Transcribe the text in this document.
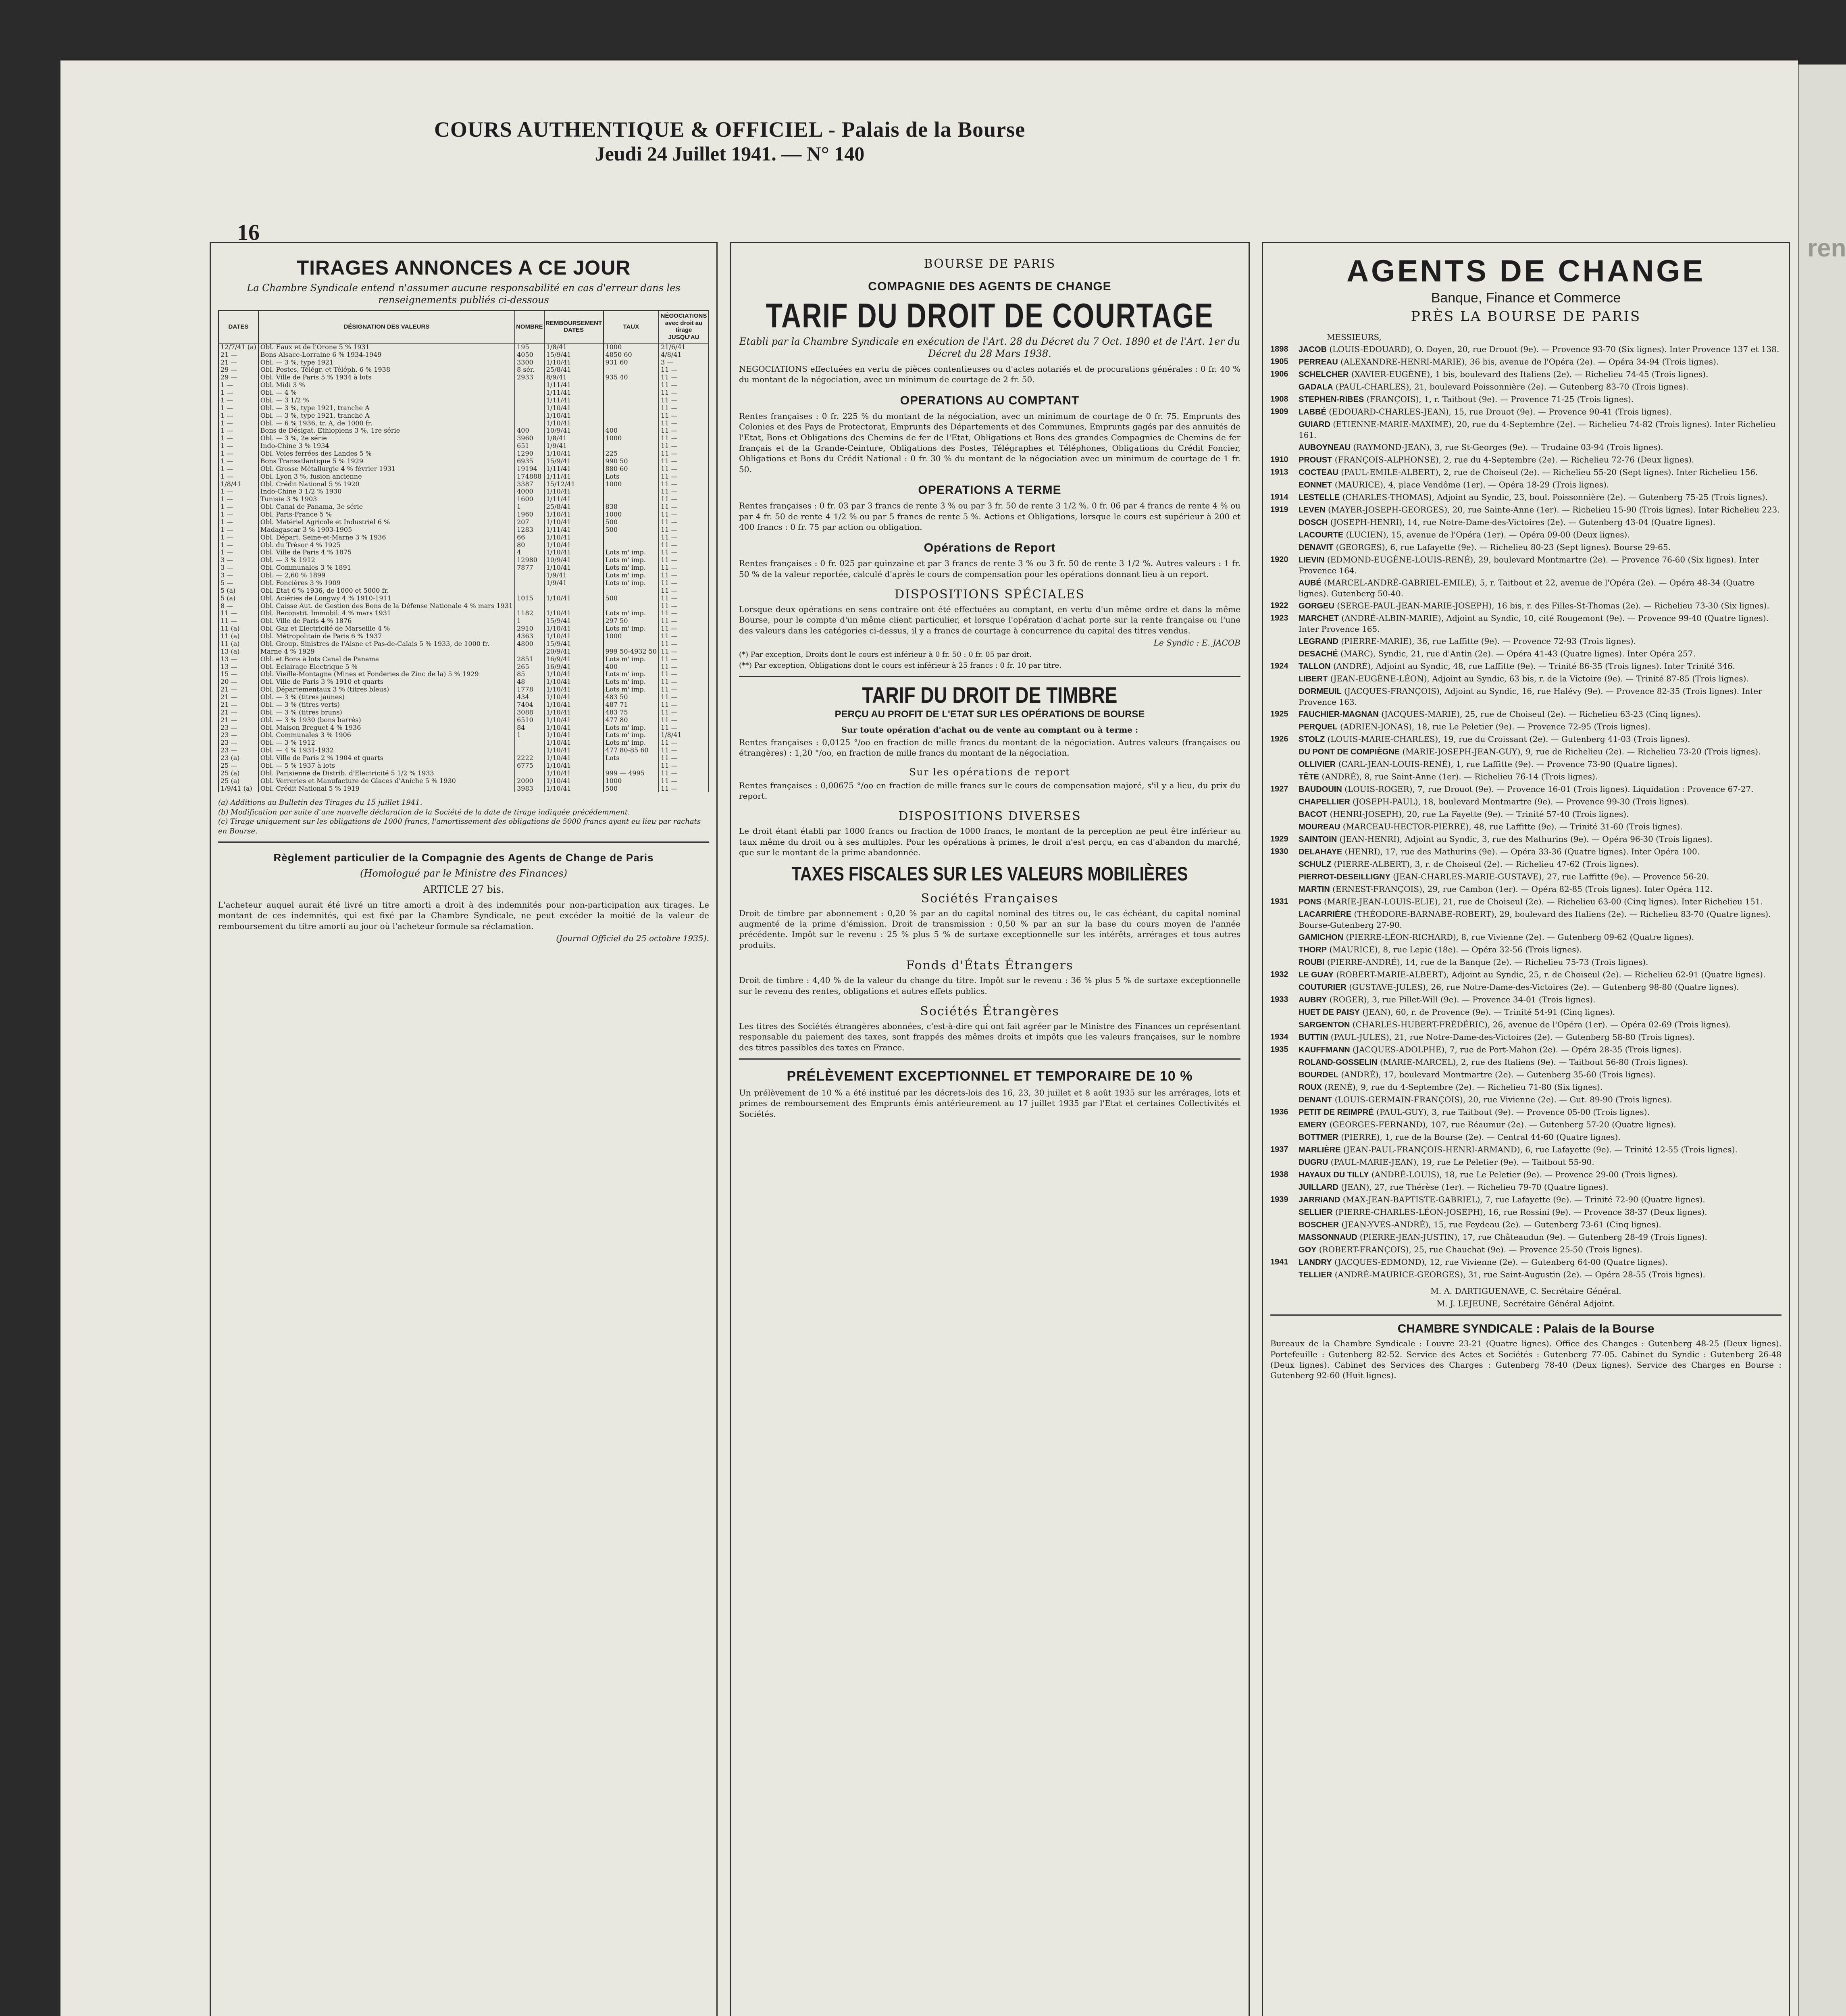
ren
COURS AUTHENTIQUE & OFFICIEL - Palais de la Bourse
Jeudi 24 Juillet 1941. — N° 140
16
TIRAGES ANNONCES A CE JOUR
La Chambre Syndicale entend n'assumer aucune responsabilité en cas d'erreur dans les renseignements publiés ci-dessous
DATES	DÉSIGNATION DES VALEURS	NOMBRE	REMBOURSEMENT DATES	TAUX	NÉGOCIATIONS avec droit au tirage JUSQU'AU
12/7/41 (a)	Obl. Eaux et de l'Orone 5 % 1931	195	1/8/41	1000	21/6/41
21 —	Bons Alsace-Lorraine 6 % 1934-1949	4050	15/9/41	4850 60	4/8/41
21 —	Obl. — 3 %, type 1921	3300	1/10/41	931 60	3 —
29 —	Obl. Postes, Télégr. et Téléph. 6 % 1938	8 sér.	25/8/41		11 —
29 —	Obl. Ville de Paris 5 % 1934 à lots	2933	8/9/41	935 40	11 —
1 —	Obl. Midi 3 %		1/11/41		11 —
1 —	Obl. — 4 %		1/11/41		11 —
1 —	Obl. — 3 1/2 %		1/11/41		11 —
1 —	Obl. — 3 %, type 1921, tranche A		1/10/41		11 —
1 —	Obl. — 3 %, type 1921, tranche A		1/10/41		11 —
1 —	Obl. — 6 % 1936, tr. A, de 1000 fr.		1/10/41		11 —
1 —	Bons de Désigat. Ethiopiens 3 %, 1re série	400	10/9/41	400	11 —
1 —	Obl. — 3 %, 2e série	3960	1/8/41	1000	11 —
1 —	Indo-Chine 3 % 1934	651	1/9/41		11 —
1 —	Obl. Voies ferrées des Landes 5 %	1290	1/10/41	225	11 —
1 —	Bons Transatlantique 5 % 1929	6935	15/9/41	990 50	11 —
1 —	Obl. Grosse Métallurgie 4 % février 1931	19194	1/11/41	880 60	11 —
1 —	Obl. Lyon 3 %, fusion ancienne	174888	1/11/41	Lots	11 —
1/8/41	Obl. Crédit National 5 % 1920	3387	15/12/41	1000	11 —
1 —	Indo-Chine 3 1/2 % 1930	4000	1/10/41		11 —
1 —	Tunisie 3 % 1903	1600	1/11/41		11 —
1 —	Obl. Canal de Panama, 3e série	1	25/8/41	838	11 —
1 —	Obl. Paris-France 5 %	1960	1/10/41	1000	11 —
1 —	Obl. Matériel Agricole et Industriel 6 %	207	1/10/41	500	11 —
1 —	Madagascar 3 % 1903-1905	1283	1/11/41	500	11 —
1 —	Obl. Départ. Seine-et-Marne 3 % 1936	66	1/10/41		11 —
1 —	Obl. du Trésor 4 % 1925	80	1/10/41		11 —
1 —	Obl. Ville de Paris 4 % 1875	4	1/10/41	Lots m' imp.	11 —
3 —	Obl. — 3 % 1912	12980	10/9/41	Lots m' imp.	11 —
3 —	Obl. Communales 3 % 1891	7877	1/10/41	Lots m' imp.	11 —
3 —	Obl. — 2,60 % 1899		1/9/41	Lots m' imp.	11 —
5 —	Obl. Foncières 3 % 1909		1/9/41	Lots m' imp.	11 —
5 (a)	Obl. Etat 6 % 1936, de 1000 et 5000 fr.				11 —
5 (a)	Obl. Aciéries de Longwy 4 % 1910-1911	1015	1/10/41	500	11 —
8 —	Obl. Caisse Aut. de Gestion des Bons de la Défense Nationale 4 % mars 1931				11 —
11 —	Obl. Reconstit. Immobil. 4 % mars 1931	1182	1/10/41	Lots m' imp.	11 —
11 —	Obl. Ville de Paris 4 % 1876	1	15/9/41	297 50	11 —
11 (a)	Obl. Gaz et Electricité de Marseille 4 %	2910	1/10/41	Lots m' imp.	11 —
11 (a)	Obl. Métropolitain de Paris 6 % 1937	4363	1/10/41	1000	11 —
11 (a)	Obl. Group. Sinistres de l'Aisne et Pas-de-Calais 5 % 1933, de 1000 fr.	4800	15/9/41		11 —
13 (a)	Marne 4 % 1929		20/9/41	999 50-4932 50	11 —
13 —	Obl. et Bons à lots Canal de Panama	2851	16/9/41	Lots m' imp.	11 —
13 —	Obl. Eclairage Electrique 5 %	265	16/9/41	400	11 —
15 —	Obl. Vieille-Montagne (Mines et Fonderies de Zinc de la) 5 % 1929	85	1/10/41	Lots m' imp.	11 —
20 —	Obl. Ville de Paris 3 % 1910 et quarts	48	1/10/41	Lots m' imp.	11 —
21 —	Obl. Départementaux 3 % (titres bleus)	1778	1/10/41	Lots m' imp.	11 —
21 —	Obl. — 3 % (titres jaunes)	434	1/10/41	483 50	11 —
21 —	Obl. — 3 % (titres verts)	7404	1/10/41	487 71	11 —
21 —	Obl. — 3 % (titres bruns)	3088	1/10/41	483 75	11 —
21 —	Obl. — 3 % 1930 (bons barrés)	6510	1/10/41	477 80	11 —
23 —	Obl. Maison Breguet 4 % 1936	84	1/10/41	Lots m' imp.	11 —
23 —	Obl. Communales 3 % 1906	1	1/10/41	Lots m' imp.	1/8/41
23 —	Obl. — 3 % 1912		1/10/41	Lots m' imp.	11 —
23 —	Obl. — 4 % 1931-1932		1/10/41	477 80-85 60	11 —
23 (a)	Obl. Ville de Paris 2 % 1904 et quarts	2222	1/10/41	Lots	11 —
25 —	Obl. — 5 % 1937 à lots	6775	1/10/41		11 —
25 (a)	Obl. Parisienne de Distrib. d'Electricité 5 1/2 % 1933		1/10/41	999 — 4995	11 —
25 (a)	Obl. Verreries et Manufacture de Glaces d'Aniche 5 % 1930	2000	1/10/41	1000	11 —
1/9/41 (a)	Obl. Crédit National 5 % 1919	3983	1/10/41	500	11 —
(a) Additions au Bulletin des Tirages du 15 juillet 1941.
(b) Modification par suite d'une nouvelle déclaration de la Société de la date de tirage indiquée précédemment.
(c) Tirage uniquement sur les obligations de 1000 francs, l'amortissement des obligations de 5000 francs ayant eu lieu par rachats en Bourse.
Règlement particulier de la Compagnie des Agents de Change de Paris
(Homologué par le Ministre des Finances)
ARTICLE 27 bis.
L'acheteur auquel aurait été livré un titre amorti a droit à des indemnités pour non-participation aux tirages. Le montant de ces indemnités, qui est fixé par la Chambre Syndicale, ne peut excéder la moitié de la valeur de remboursement du titre amorti au jour où l'acheteur formule sa réclamation.
(Journal Officiel du 25 octobre 1935).
BOURSE DE PARIS
COMPAGNIE DES AGENTS DE CHANGE
TARIF DU DROIT DE COURTAGE
Etabli par la Chambre Syndicale en exécution de l'Art. 28 du Décret du 7 Oct. 1890 et de l'Art. 1er du Décret du 28 Mars 1938.
NEGOCIATIONS effectuées en vertu de pièces contentieuses ou d'actes notariés et de procurations générales : 0 fr. 40 % du montant de la négociation, avec un minimum de courtage de 2 fr. 50.
OPERATIONS AU COMPTANT
Rentes françaises : 0 fr. 225 % du montant de la négociation, avec un minimum de courtage de 0 fr. 75. Emprunts des Colonies et des Pays de Protectorat, Emprunts des Départements et des Communes, Emprunts gagés par des annuités de l'Etat, Bons et Obligations des Chemins de fer de l'Etat, Obligations et Bons des grandes Compagnies de Chemins de fer français et de la Grande-Ceinture, Obligations des Postes, Télégraphes et Téléphones, Obligations du Crédit Foncier, Obligations et Bons du Crédit National : 0 fr. 30 % du montant de la négociation avec un minimum de courtage de 1 fr. 50.
OPERATIONS A TERME
Rentes françaises : 0 fr. 03 par 3 francs de rente 3 % ou par 3 fr. 50 de rente 3 1/2 %. 0 fr. 06 par 4 francs de rente 4 % ou par 4 fr. 50 de rente 4 1/2 % ou par 5 francs de rente 5 %. Actions et Obligations, lorsque le cours est supérieur à 200 et 400 francs : 0 fr. 75 par action ou obligation.
Opérations de Report
Rentes françaises : 0 fr. 025 par quinzaine et par 3 francs de rente 3 % ou 3 fr. 50 de rente 3 1/2 %. Autres valeurs : 1 fr. 50 % de la valeur reportée, calculé d'après le cours de compensation pour les opérations donnant lieu à un report.
DISPOSITIONS SPÉCIALES
Lorsque deux opérations en sens contraire ont été effectuées au comptant, en vertu d'un même ordre et dans la même Bourse, pour le compte d'un même client particulier, et lorsque l'opération d'achat porte sur la rente française ou l'une des valeurs dans les catégories ci-dessus, il y a francs de courtage à concurrence du capital des titres vendus.
Le Syndic : E. JACOB
(*) Par exception, Droits dont le cours est inférieur à 0 fr. 50 : 0 fr. 05 par droit.
(**) Par exception, Obligations dont le cours est inférieur à 25 francs : 0 fr. 10 par titre.
TARIF DU DROIT DE TIMBRE
PERÇU AU PROFIT DE L'ETAT SUR LES OPÉRATIONS DE BOURSE
Sur toute opération d'achat ou de vente au comptant ou à terme :
Rentes françaises : 0,0125 °/oo en fraction de mille francs du montant de la négociation. Autres valeurs (françaises ou étrangères) : 1,20 °/oo, en fraction de mille francs du montant de la négociation.
Sur les opérations de report
Rentes françaises : 0,00675 °/oo en fraction de mille francs sur le cours de compensation majoré, s'il y a lieu, du prix du report.
DISPOSITIONS DIVERSES
Le droit étant établi par 1000 francs ou fraction de 1000 francs, le montant de la perception ne peut être inférieur au taux même du droit ou à ses multiples. Pour les opérations à primes, le droit n'est perçu, en cas d'abandon du marché, que sur le montant de la prime abandonnée.
TAXES FISCALES SUR LES VALEURS MOBILIÈRES
Sociétés Françaises
Droit de timbre par abonnement : 0,20 % par an du capital nominal des titres ou, le cas échéant, du capital nominal augmenté de la prime d'émission. Droit de transmission : 0,50 % par an sur la base du cours moyen de l'année précédente. Impôt sur le revenu : 25 % plus 5 % de surtaxe exceptionnelle sur les intérêts, arrérages et tous autres produits.
Fonds d'États Étrangers
Droit de timbre : 4,40 % de la valeur du change du titre. Impôt sur le revenu : 36 % plus 5 % de surtaxe exceptionnelle sur le revenu des rentes, obligations et autres effets publics.
Sociétés Étrangères
Les titres des Sociétés étrangères abonnées, c'est-à-dire qui ont fait agréer par le Ministre des Finances un représentant responsable du paiement des taxes, sont frappés des mêmes droits et impôts que les valeurs françaises, sur le nombre des titres passibles des taxes en France.
PRÉLÈVEMENT EXCEPTIONNEL ET TEMPORAIRE DE 10 %
Un prélèvement de 10 % a été institué par les décrets-lois des 16, 23, 30 juillet et 8 août 1935 sur les arrérages, lots et primes de remboursement des Emprunts émis antérieurement au 17 juillet 1935 par l'Etat et certaines Collectivités et Sociétés.
AGENTS DE CHANGE
Banque, Finance et Commerce
PRÈS LA BOURSE DE PARIS
MESSIEURS,
1898	JACOB (LOUIS-EDOUARD), O. Doyen, 20, rue Drouot (9e). — Provence 93-70 (Six lignes). Inter Provence 137 et 138.
1905	PERREAU (ALEXANDRE-HENRI-MARIE), 36 bis, avenue de l'Opéra (2e). — Opéra 34-94 (Trois lignes).
1906	SCHELCHER (XAVIER-EUGÈNE), 1 bis, boulevard des Italiens (2e). — Richelieu 74-45 (Trois lignes).
GADALA (PAUL-CHARLES), 21, boulevard Poissonnière (2e). — Gutenberg 83-70 (Trois lignes).
1908	STEPHEN-RIBES (FRANÇOIS), 1, r. Taitbout (9e). — Provence 71-25 (Trois lignes).
1909	LABBÉ (EDOUARD-CHARLES-JEAN), 15, rue Drouot (9e). — Provence 90-41 (Trois lignes).
GUIARD (ETIENNE-MARIE-MAXIME), 20, rue du 4-Septembre (2e). — Richelieu 74-82 (Trois lignes). Inter Richelieu 161.
AUBOYNEAU (RAYMOND-JEAN), 3, rue St-Georges (9e). — Trudaine 03-94 (Trois lignes).
1910	PROUST (FRANÇOIS-ALPHONSE), 2, rue du 4-Septembre (2e). — Richelieu 72-76 (Deux lignes).
1913	COCTEAU (PAUL-EMILE-ALBERT), 2, rue de Choiseul (2e). — Richelieu 55-20 (Sept lignes). Inter Richelieu 156.
EONNET (MAURICE), 4, place Vendôme (1er). — Opéra 18-29 (Trois lignes).
1914	LESTELLE (CHARLES-THOMAS), Adjoint au Syndic, 23, boul. Poissonnière (2e). — Gutenberg 75-25 (Trois lignes).
1919	LEVEN (MAYER-JOSEPH-GEORGES), 20, rue Sainte-Anne (1er). — Richelieu 15-90 (Trois lignes). Inter Richelieu 223.
DOSCH (JOSEPH-HENRI), 14, rue Notre-Dame-des-Victoires (2e). — Gutenberg 43-04 (Quatre lignes).
LACOURTE (LUCIEN), 15, avenue de l'Opéra (1er). — Opéra 09-00 (Deux lignes).
DENAVIT (GEORGES), 6, rue Lafayette (9e). — Richelieu 80-23 (Sept lignes). Bourse 29-65.
1920	LIEVIN (EDMOND-EUGÈNE-LOUIS-RENÉ), 29, boulevard Montmartre (2e). — Provence 76-60 (Six lignes). Inter Provence 164.
AUBÉ (MARCEL-ANDRÉ-GABRIEL-EMILE), 5, r. Taitbout et 22, avenue de l'Opéra (2e). — Opéra 48-34 (Quatre lignes). Gutenberg 50-40.
1922	GORGEU (SERGE-PAUL-JEAN-MARIE-JOSEPH), 16 bis, r. des Filles-St-Thomas (2e). — Richelieu 73-30 (Six lignes).
1923	MARCHET (ANDRÉ-ALBIN-MARIE), Adjoint au Syndic, 10, cité Rougemont (9e). — Provence 99-40 (Quatre lignes). Inter Provence 165.
LEGRAND (PIERRE-MARIE), 36, rue Laffitte (9e). — Provence 72-93 (Trois lignes).
DESACHÉ (MARC), Syndic, 21, rue d'Antin (2e). — Opéra 41-43 (Quatre lignes). Inter Opéra 257.
1924	TALLON (ANDRÉ), Adjoint au Syndic, 48, rue Laffitte (9e). — Trinité 86-35 (Trois lignes). Inter Trinité 346.
LIBERT (JEAN-EUGÈNE-LÉON), Adjoint au Syndic, 63 bis, r. de la Victoire (9e). — Trinité 87-85 (Trois lignes).
DORMEUIL (JACQUES-FRANÇOIS), Adjoint au Syndic, 16, rue Halévy (9e). — Provence 82-35 (Trois lignes). Inter Provence 163.
1925	FAUCHIER-MAGNAN (JACQUES-MARIE), 25, rue de Choiseul (2e). — Richelieu 63-23 (Cinq lignes).
PERQUEL (ADRIEN-JONAS), 18, rue Le Peletier (9e). — Provence 72-95 (Trois lignes).
1926	STOLZ (LOUIS-MARIE-CHARLES), 19, rue du Croissant (2e). — Gutenberg 41-03 (Trois lignes).
DU PONT DE COMPIÈGNE (MARIE-JOSEPH-JEAN-GUY), 9, rue de Richelieu (2e). — Richelieu 73-20 (Trois lignes).
OLLIVIER (CARL-JEAN-LOUIS-RENÉ), 1, rue Laffitte (9e). — Provence 73-90 (Quatre lignes).
TÊTE (ANDRÉ), 8, rue Saint-Anne (1er). — Richelieu 76-14 (Trois lignes).
1927	BAUDOUIN (LOUIS-ROGER), 7, rue Drouot (9e). — Provence 16-01 (Trois lignes). Liquidation : Provence 67-27.
CHAPELLIER (JOSEPH-PAUL), 18, boulevard Montmartre (9e). — Provence 99-30 (Trois lignes).
BACOT (HENRI-JOSEPH), 20, rue La Fayette (9e). — Trinité 57-40 (Trois lignes).
MOUREAU (MARCEAU-HECTOR-PIERRE), 48, rue Laffitte (9e). — Trinité 31-60 (Trois lignes).
1929	SAINTOIN (JEAN-HENRI), Adjoint au Syndic, 3, rue des Mathurins (9e). — Opéra 96-30 (Trois lignes).
1930	DELAHAYE (HENRI), 17, rue des Mathurins (9e). — Opéra 33-36 (Quatre lignes). Inter Opéra 100.
SCHULZ (PIERRE-ALBERT), 3, r. de Choiseul (2e). — Richelieu 47-62 (Trois lignes).
PIERROT-DESEILLIGNY (JEAN-CHARLES-MARIE-GUSTAVE), 27, rue Laffitte (9e). — Provence 56-20.
MARTIN (ERNEST-FRANÇOIS), 29, rue Cambon (1er). — Opéra 82-85 (Trois lignes). Inter Opéra 112.
1931	PONS (MARIE-JEAN-LOUIS-ELIE), 21, rue de Choiseul (2e). — Richelieu 63-00 (Cinq lignes). Inter Richelieu 151.
LACARRIÈRE (THÉODORE-BARNABE-ROBERT), 29, boulevard des Italiens (2e). — Richelieu 83-70 (Quatre lignes). Bourse-Gutenberg 27-90.
GAMICHON (PIERRE-LÉON-RICHARD), 8, rue Vivienne (2e). — Gutenberg 09-62 (Quatre lignes).
THORP (MAURICE), 8, rue Lepic (18e). — Opéra 32-56 (Trois lignes).
ROUBI (PIERRE-ANDRÉ), 14, rue de la Banque (2e). — Richelieu 75-73 (Trois lignes).
1932	LE GUAY (ROBERT-MARIE-ALBERT), Adjoint au Syndic, 25, r. de Choiseul (2e). — Richelieu 62-91 (Quatre lignes).
COUTURIER (GUSTAVE-JULES), 26, rue Notre-Dame-des-Victoires (2e). — Gutenberg 98-80 (Quatre lignes).
1933	AUBRY (ROGER), 3, rue Pillet-Will (9e). — Provence 34-01 (Trois lignes).
HUET DE PAISY (JEAN), 60, r. de Provence (9e). — Trinité 54-91 (Cinq lignes).
SARGENTON (CHARLES-HUBERT-FRÉDÉRIC), 26, avenue de l'Opéra (1er). — Opéra 02-69 (Trois lignes).
1934	BUTTIN (PAUL-JULES), 21, rue Notre-Dame-des-Victoires (2e). — Gutenberg 58-80 (Trois lignes).
1935	KAUFFMANN (JACQUES-ADOLPHE), 7, rue de Port-Mahon (2e). — Opéra 28-35 (Trois lignes).
ROLAND-GOSSELIN (MARIE-MARCEL), 2, rue des Italiens (9e). — Taitbout 56-80 (Trois lignes).
BOURDEL (ANDRÉ), 17, boulevard Montmartre (2e). — Gutenberg 35-60 (Trois lignes).
ROUX (RENÉ), 9, rue du 4-Septembre (2e). — Richelieu 71-80 (Six lignes).
DENANT (LOUIS-GERMAIN-FRANÇOIS), 20, rue Vivienne (2e). — Gut. 89-90 (Trois lignes).
1936	PETIT DE REIMPRÉ (PAUL-GUY), 3, rue Taitbout (9e). — Provence 05-00 (Trois lignes).
EMERY (GEORGES-FERNAND), 107, rue Réaumur (2e). — Gutenberg 57-20 (Quatre lignes).
BOTTMER (PIERRE), 1, rue de la Bourse (2e). — Central 44-60 (Quatre lignes).
1937	MARLIÈRE (JEAN-PAUL-FRANÇOIS-HENRI-ARMAND), 6, rue Lafayette (9e). — Trinité 12-55 (Trois lignes).
DUGRU (PAUL-MARIE-JEAN), 19, rue Le Peletier (9e). — Taitbout 55-90.
1938	HAYAUX DU TILLY (ANDRÉ-LOUIS), 18, rue Le Peletier (9e). — Provence 29-00 (Trois lignes).
JUILLARD (JEAN), 27, rue Thérèse (1er). — Richelieu 79-70 (Quatre lignes).
1939	JARRIAND (MAX-JEAN-BAPTISTE-GABRIEL), 7, rue Lafayette (9e). — Trinité 72-90 (Quatre lignes).
SELLIER (PIERRE-CHARLES-LÉON-JOSEPH), 16, rue Rossini (9e). — Provence 38-37 (Deux lignes).
BOSCHER (JEAN-YVES-ANDRÉ), 15, rue Feydeau (2e). — Gutenberg 73-61 (Cinq lignes).
MASSONNAUD (PIERRE-JEAN-JUSTIN), 17, rue Châteaudun (9e). — Gutenberg 28-49 (Trois lignes).
GOY (ROBERT-FRANÇOIS), 25, rue Chauchat (9e). — Provence 25-50 (Trois lignes).
1941	LANDRY (JACQUES-EDMOND), 12, rue Vivienne (2e). — Gutenberg 64-00 (Quatre lignes).
TELLIER (ANDRÉ-MAURICE-GEORGES), 31, rue Saint-Augustin (2e). — Opéra 28-55 (Trois lignes).
M. A. DARTIGUENAVE, C. Secrétaire Général.
M. J. LEJEUNE, Secrétaire Général Adjoint.
CHAMBRE SYNDICALE : Palais de la Bourse
Bureaux de la Chambre Syndicale : Louvre 23-21 (Quatre lignes). Office des Changes : Gutenberg 48-25 (Deux lignes). Portefeuille : Gutenberg 82-52. Service des Actes et Sociétés : Gutenberg 77-05. Cabinet du Syndic : Gutenberg 26-48 (Deux lignes). Cabinet des Services des Charges : Gutenberg 78-40 (Deux lignes). Service des Charges en Bourse : Gutenberg 92-60 (Huit lignes).
